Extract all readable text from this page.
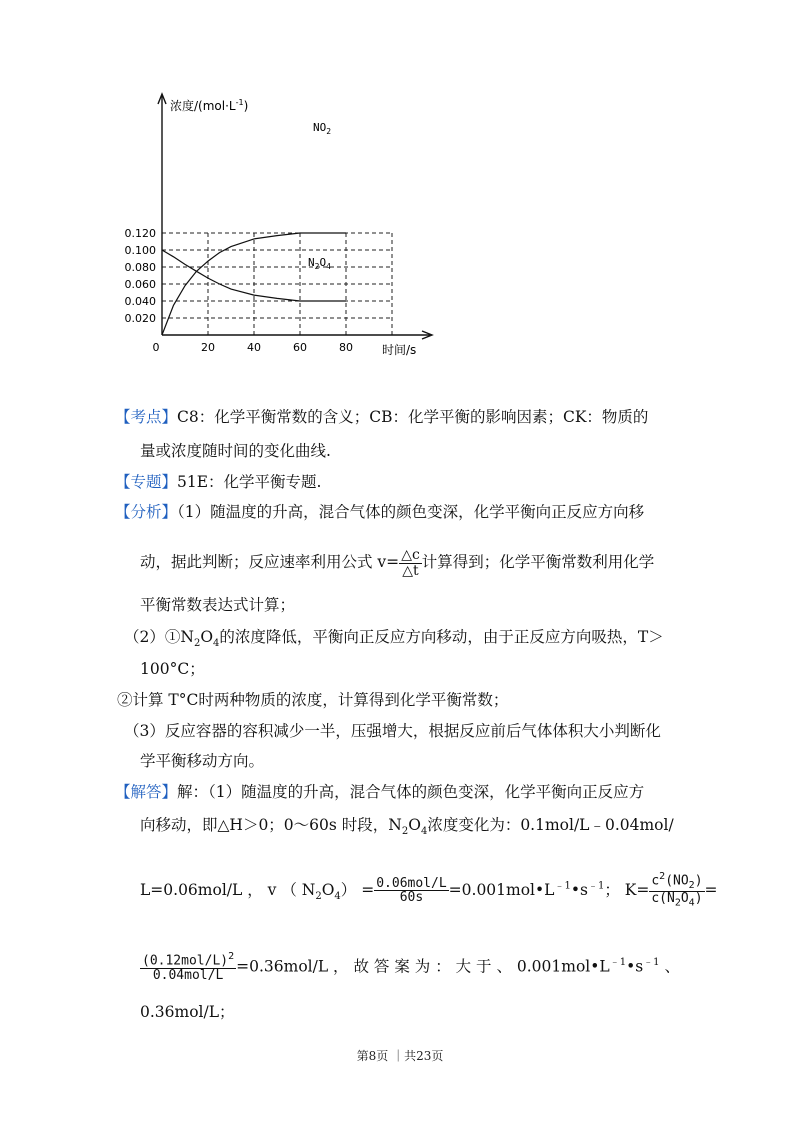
0.020
0.040
0.060
0.080
0.100
0.120
0	20	40	60	80
浓度$/(mol\cdot L^{-1})$
时间/s
$NO_2$
$N_2O_4$
【考点】C8：化学平衡常数的含义；CB：化学平衡的影响因素；CK：物质的
量或浓度随时间的变化曲线.
【专题】51E：化学平衡专题.
【分析】（1）随温度的升高，混合气体的颜色变深，化学平衡向正反应方向移
动，据此判断；反应速率利用公式 $v= \frac{\triangle c}{\triangle t}$ 计算得到；化学平衡常数利用化学
平衡常数表达式计算；
$(2)①N_2O_4$的浓度降低，平衡向正反应方向移动，由于正反应方向吸热，T＞
100°C；
②计算 T°C时两种物质的浓度，计算得到化学平衡常数；
（3）反应容器的容积减少一半，压强增大，根据反应前后气体体积大小判断化
学平衡移动方向。
【解答】解：（1）随温度的升高，混合气体的颜色变深，化学平衡向正反应方
向移动，即△H＞0；0～60s 时段，$N_2O_4$浓度变化为：0.1mol/L﹣0.04mol/
L=0.06mol/L ， v （ $N_2O_4) = \frac{\text{0.06mol/L}}{60s}$ $=0.001mol•L^{﹣1}•s^{﹣1}$； $K= \frac{c^2(NO_2)}{c(N_2O_4)}$ =
$\frac{(0.12mol/L)^2}{\text{0.04mol/L}} =0.36mol/L$ ， 故 答 案 为 ： 大 于 、 $0.001mol•L^{﹣1}•s^{﹣1}$ 、
0.36mol/L；
第8页 ｜共23页
